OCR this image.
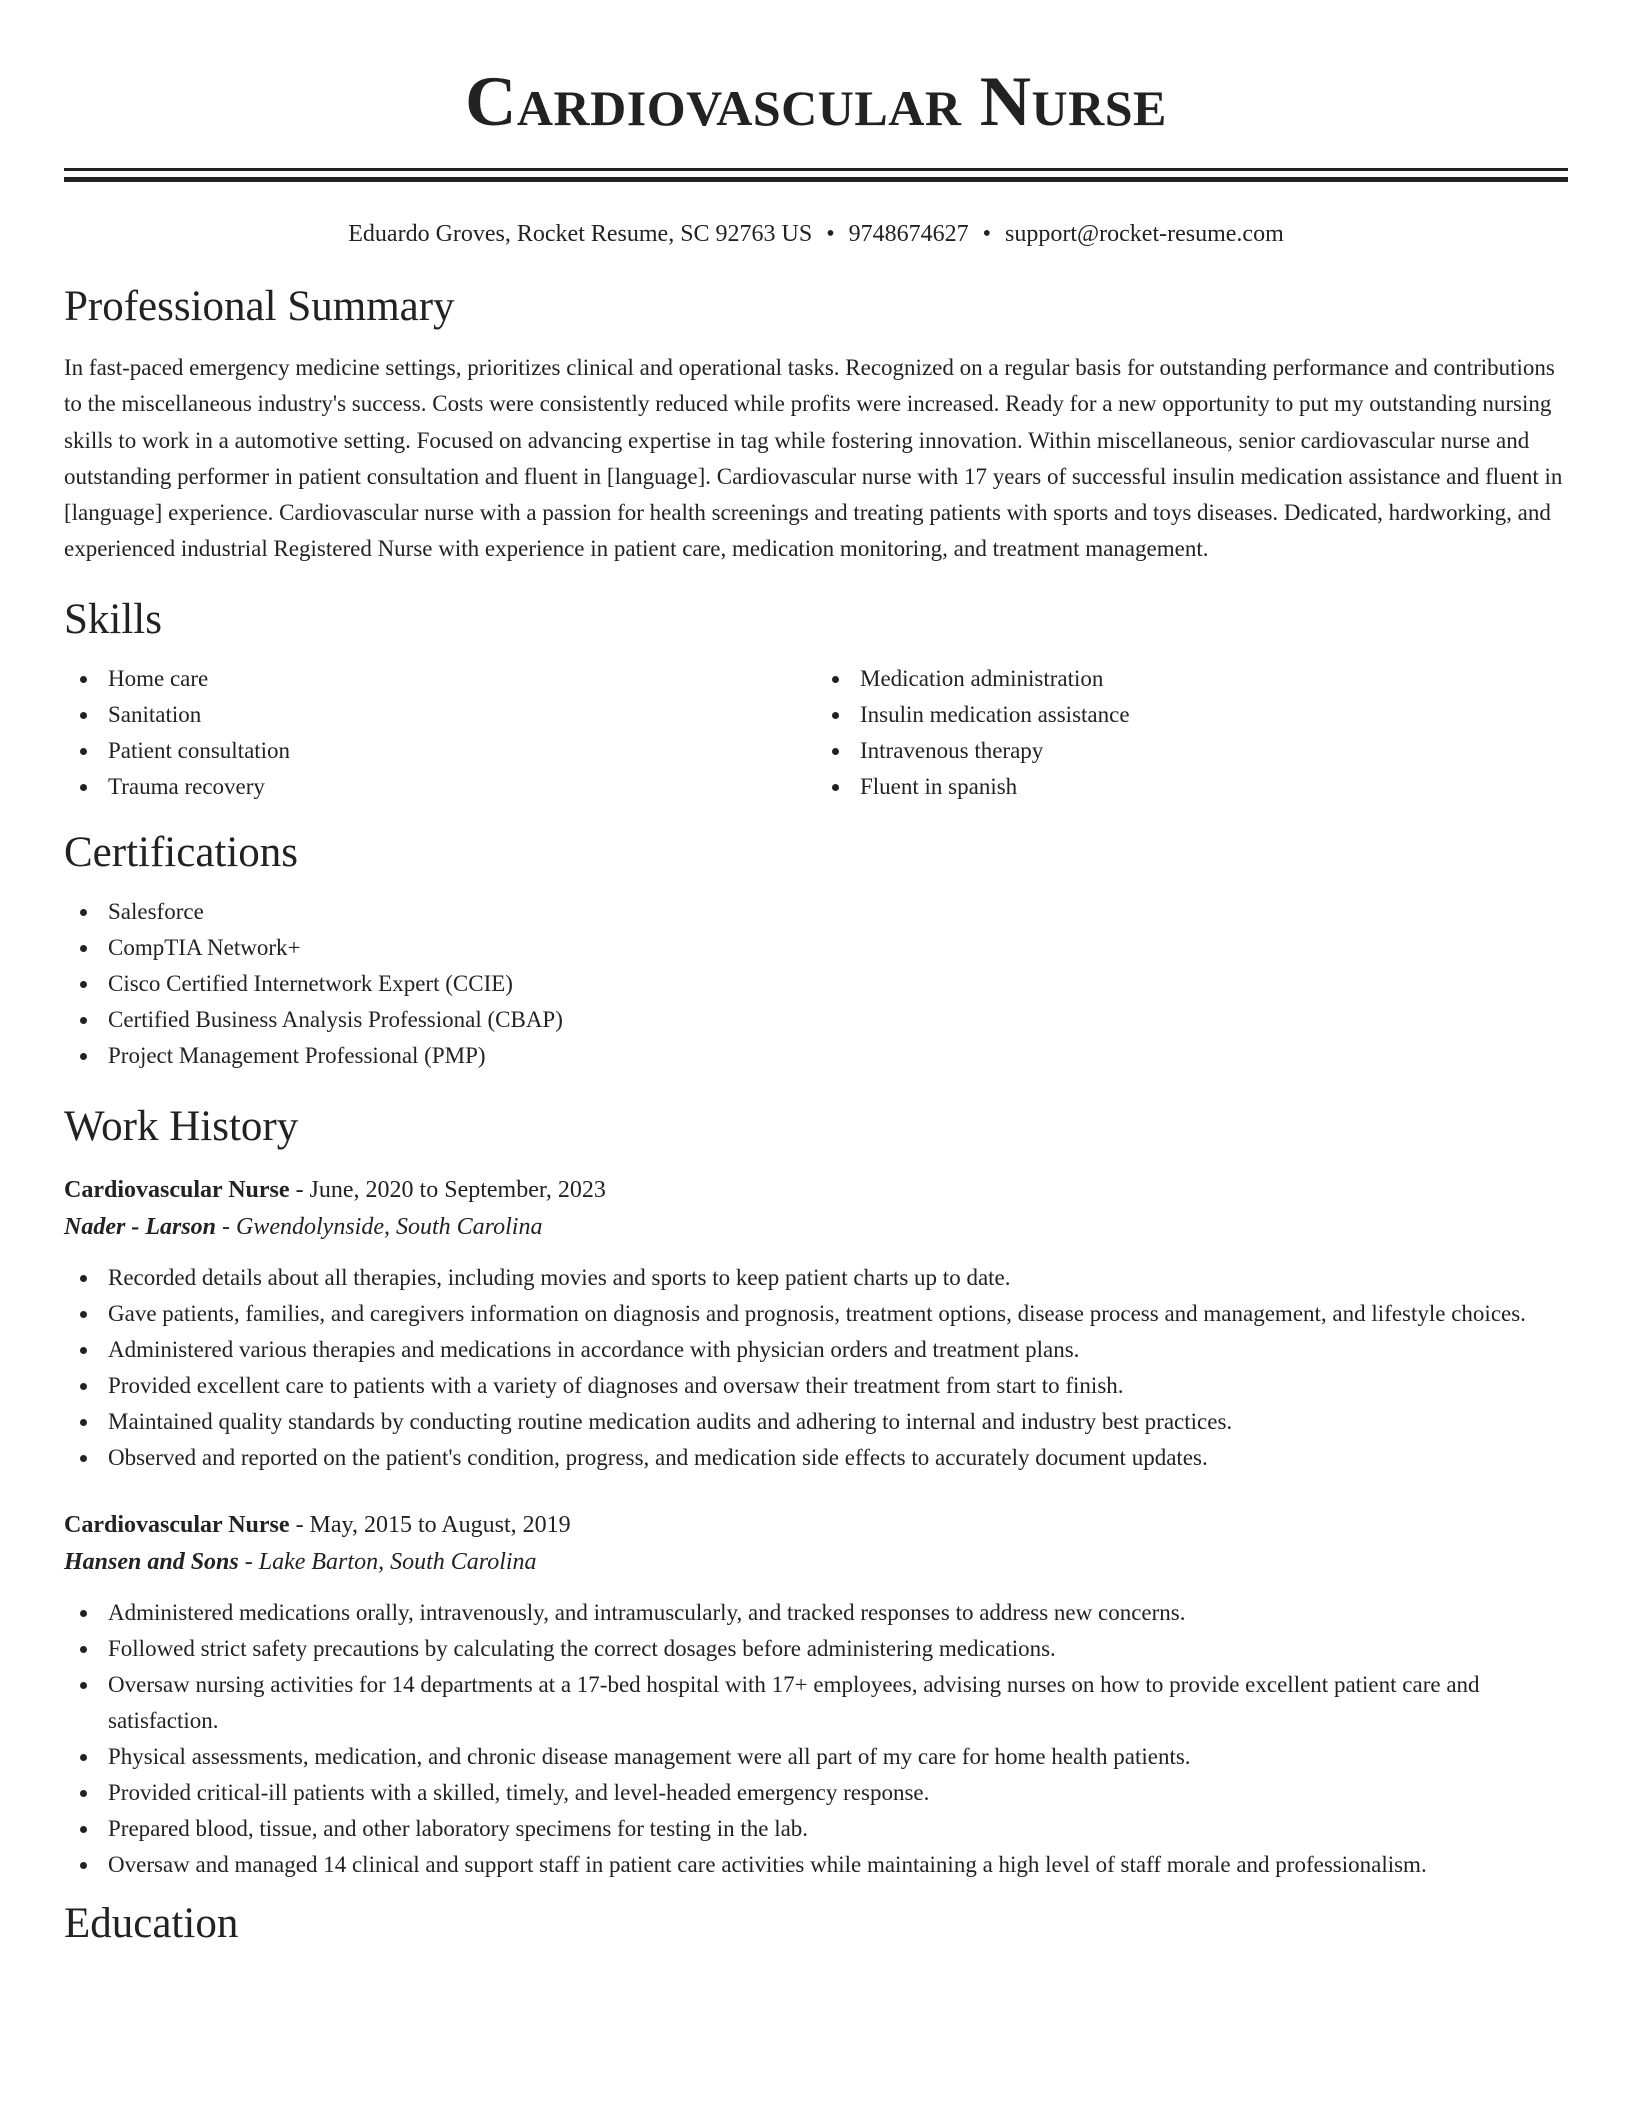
Cardiovascular Nurse
Eduardo Groves, Rocket Resume, SC 92763 US • 9748674627 • support@rocket-resume.com
Professional Summary

In fast-paced emergency medicine settings, prioritizes clinical and operational tasks. Recognized on a regular basis for outstanding performance and contributions to the miscellaneous industry's success. Costs were consistently reduced while profits were increased. Ready for a new opportunity to put my outstanding nursing skills to work in a automotive setting. Focused on advancing expertise in tag while fostering innovation. Within miscellaneous, senior cardiovascular nurse and outstanding performer in patient consultation and fluent in [language]. Cardiovascular nurse with 17 years of successful insulin medication assistance and fluent in [language] experience. Cardiovascular nurse with a passion for health screenings and treating patients with sports and toys diseases. Dedicated, hardworking, and experienced industrial Registered Nurse with experience in patient care, medication monitoring, and treatment management.

Skills
Home care
Sanitation
Patient consultation
Trauma recovery
Medication administration
Insulin medication assistance
Intravenous therapy
Fluent in spanish
Certifications
Salesforce
CompTIA Network+
Cisco Certified Internetwork Expert (CCIE)
Certified Business Analysis Professional (CBAP)
Project Management Professional (PMP)
Work History
Cardiovascular Nurse - June, 2020 to September, 2023
Nader - Larson - Gwendolynside, South Carolina
Recorded details about all therapies, including movies and sports to keep patient charts up to date.
Gave patients, families, and caregivers information on diagnosis and prognosis, treatment options, disease process and management, and lifestyle choices.
Administered various therapies and medications in accordance with physician orders and treatment plans.
Provided excellent care to patients with a variety of diagnoses and oversaw their treatment from start to finish.
Maintained quality standards by conducting routine medication audits and adhering to internal and industry best practices.
Observed and reported on the patient's condition, progress, and medication side effects to accurately document updates.
Cardiovascular Nurse - May, 2015 to August, 2019
Hansen and Sons - Lake Barton, South Carolina
Administered medications orally, intravenously, and intramuscularly, and tracked responses to address new concerns.
Followed strict safety precautions by calculating the correct dosages before administering medications.
Oversaw nursing activities for 14 departments at a 17-bed hospital with 17+ employees, advising nurses on how to provide excellent patient care and satisfaction.
Physical assessments, medication, and chronic disease management were all part of my care for home health patients.
Provided critical-ill patients with a skilled, timely, and level-headed emergency response.
Prepared blood, tissue, and other laboratory specimens for testing in the lab.
Oversaw and managed 14 clinical and support staff in patient care activities while maintaining a high level of staff morale and professionalism.
Education
